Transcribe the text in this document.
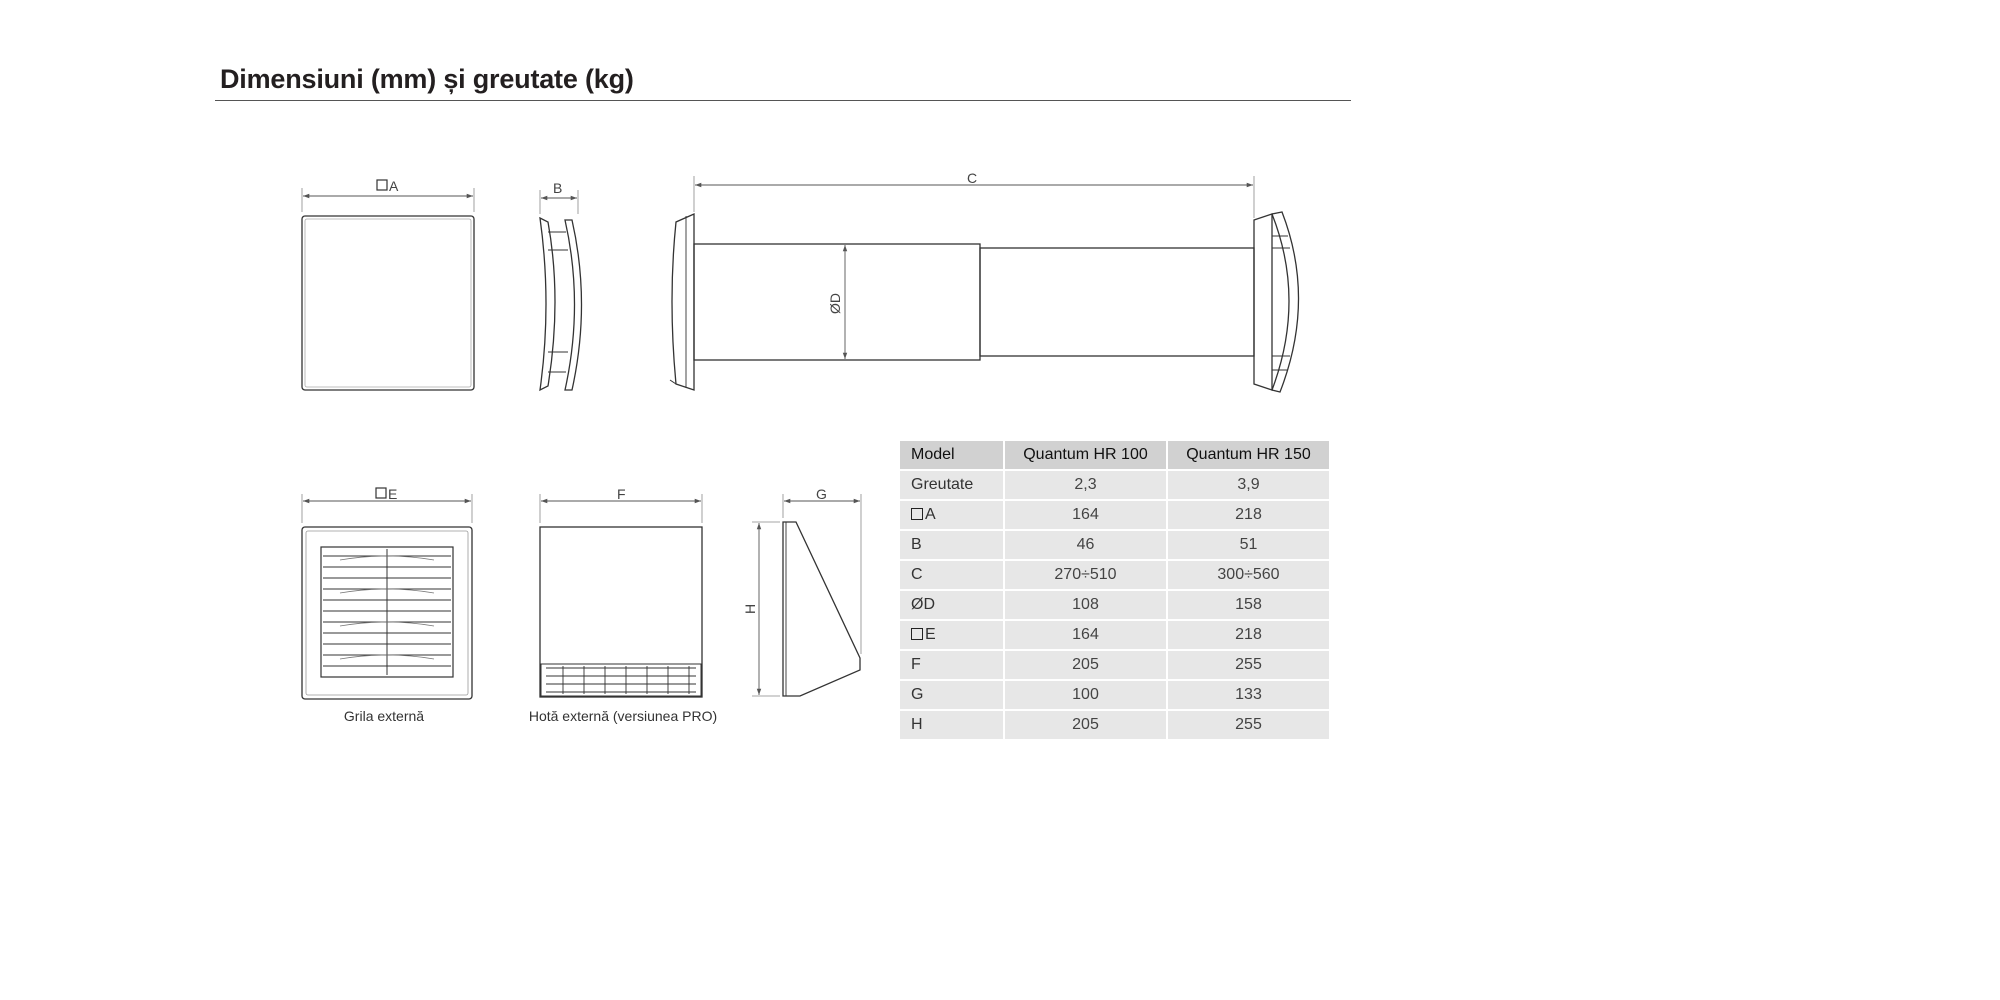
Dimensiuni (mm) și greutate (kg)
A	B
C
ØD
E
Grila externă
F
Hotă externă (versiunea PRO)
G
H
Model	Quantum HR 100	Quantum HR 150
Greutate	2,3	3,9
A	164	218
B	46	51
C	270÷510	300÷560
ØD	108	158
E	164	218
F	205	255
G	100	133
H	205	255
